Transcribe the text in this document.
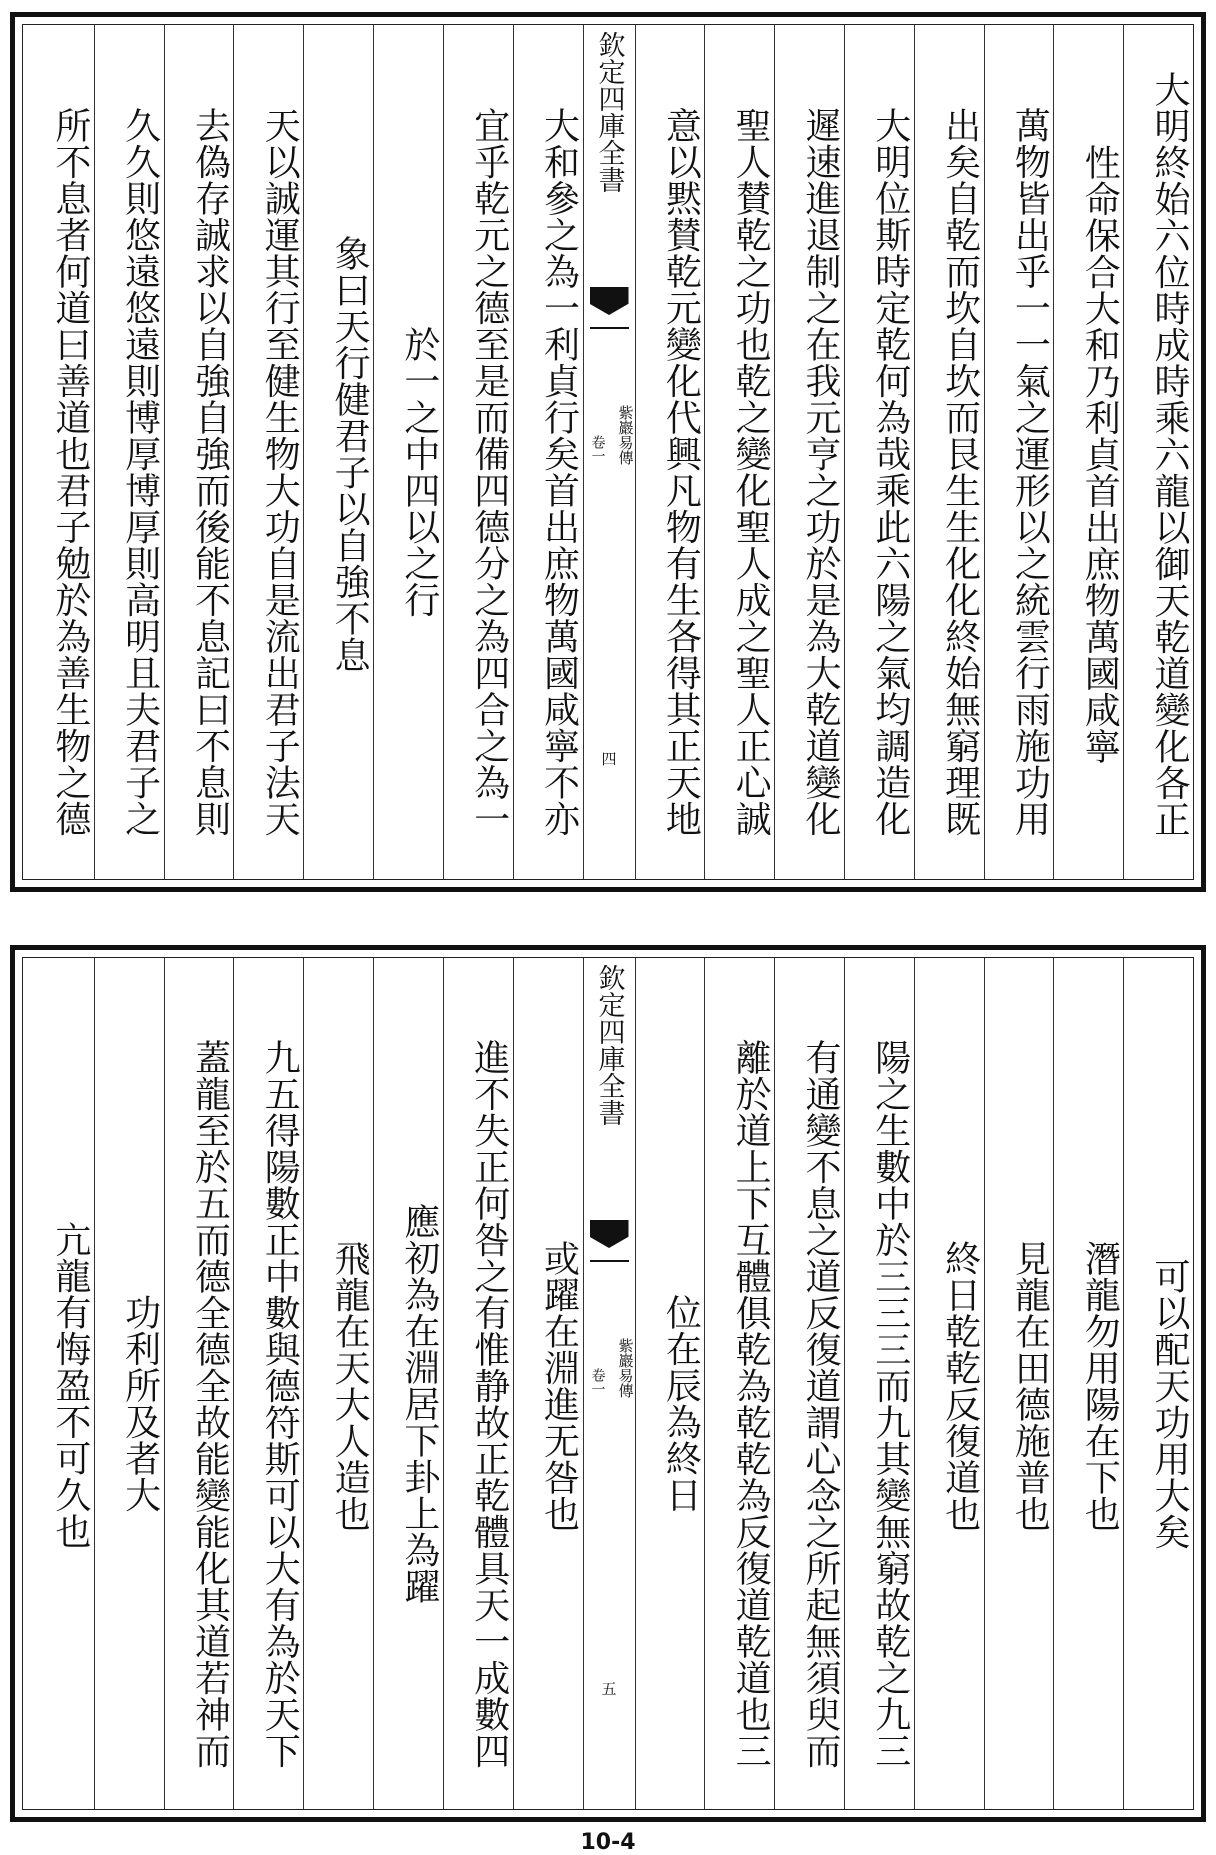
大明終始六位時成時乘六龍以御天乾道變化各正
性命保合大和乃利貞首出庶物萬國咸寧
萬物皆出乎一一氣之運形以之統雲行雨施功用
出矣自乾而坎自坎而艮生生化化終始無窮理既
大明位斯時定乾何為哉乘此六陽之氣均調造化
遲速進退制之在我元亨之功於是為大乾道變化
聖人賛乾之功也乾之變化聖人成之聖人正心誠
意以黙賛乾元變化代興凡物有生各得其正天地
欽定四庫全書
紫巖易傳
卷一
四
大和參之為一利貞行矣首出庶物萬國咸寧不亦
宜乎乾元之德至是而備四德分之為四合之為一
於一之中四以之行
象曰天行健君子以自強不息
天以誠運其行至健生物大功自是流出君子法天
去偽存誠求以自強自強而後能不息記曰不息則
久久則悠遠悠遠則博厚博厚則高明且夫君子之
所不息者何道曰善道也君子勉於為善生物之德
可以配天功用大矣
潛龍勿用陽在下也
見龍在田德施普也
終日乾乾反復道也
陽之生數中於三三三而九其變無窮故乾之九三
有通變不息之道反復道謂心念之所起無須臾而
離於道上下互體俱乾為乾乾為反復道乾道也三
位在辰為終日
欽定四庫全書
紫巖易傳
卷一
五
或躍在淵進无咎也
進不失正何咎之有惟静故正乾體具天一成數四
應初為在淵居下卦上為躍
飛龍在天大人造也
九五得陽數正中數與德符斯可以大有為於天下
蓋龍至於五而德全德全故能變能化其道若神而
功利所及者大
亢龍有悔盈不可久也
10-4
